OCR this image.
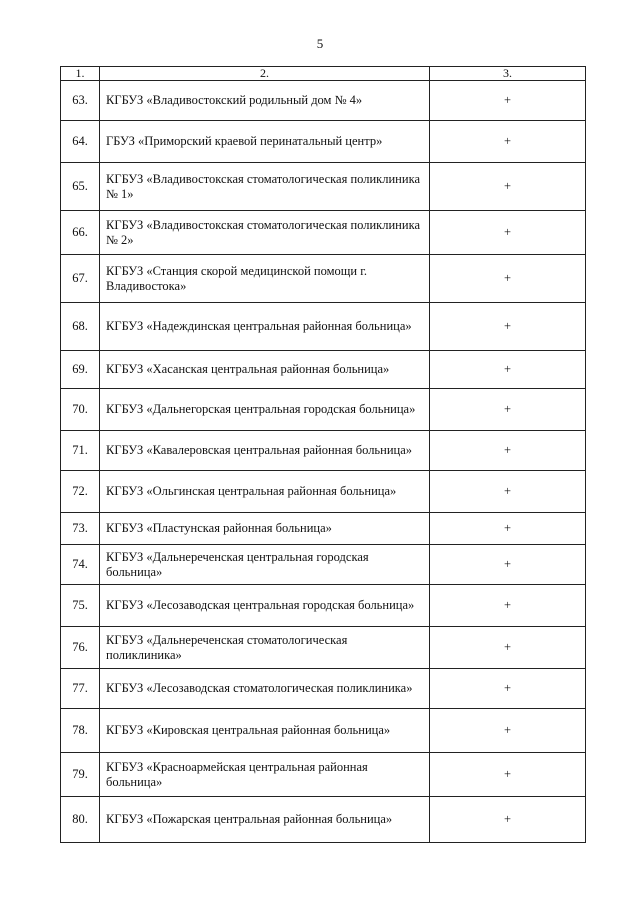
5
1.	2.	3.
63.	КГБУЗ «Владивостокский родильный дом № 4»	+
64.	ГБУЗ «Приморский краевой перинатальный центр»	+
65.	КГБУЗ «Владивостокская стоматологическая поликлиника № 1»	+
66.	КГБУЗ «Владивостокская стоматологическая поликлиника № 2»	+
67.	КГБУЗ «Станция скорой медицинской помощи г. Владивостока»	+
68.	КГБУЗ «Надеждинская центральная районная больница»	+
69.	КГБУЗ «Хасанская центральная районная больница»	+
70.	КГБУЗ «Дальнегорская центральная городская больница»	+
71.	КГБУЗ «Кавалеровская центральная районная больница»	+
72.	КГБУЗ «Ольгинская центральная районная больница»	+
73.	КГБУЗ «Пластунская районная больница»	+
74.	КГБУЗ «Дальнереченская центральная городская больница»	+
75.	КГБУЗ «Лесозаводская центральная городская больница»	+
76.	КГБУЗ «Дальнереченская стоматологическая поликлиника»	+
77.	КГБУЗ «Лесозаводская стоматологическая поликлиника»	+
78.	КГБУЗ «Кировская центральная районная больница»	+
79.	КГБУЗ «Красноармейская центральная районная больница»	+
80.	КГБУЗ «Пожарская центральная районная больница»	+
